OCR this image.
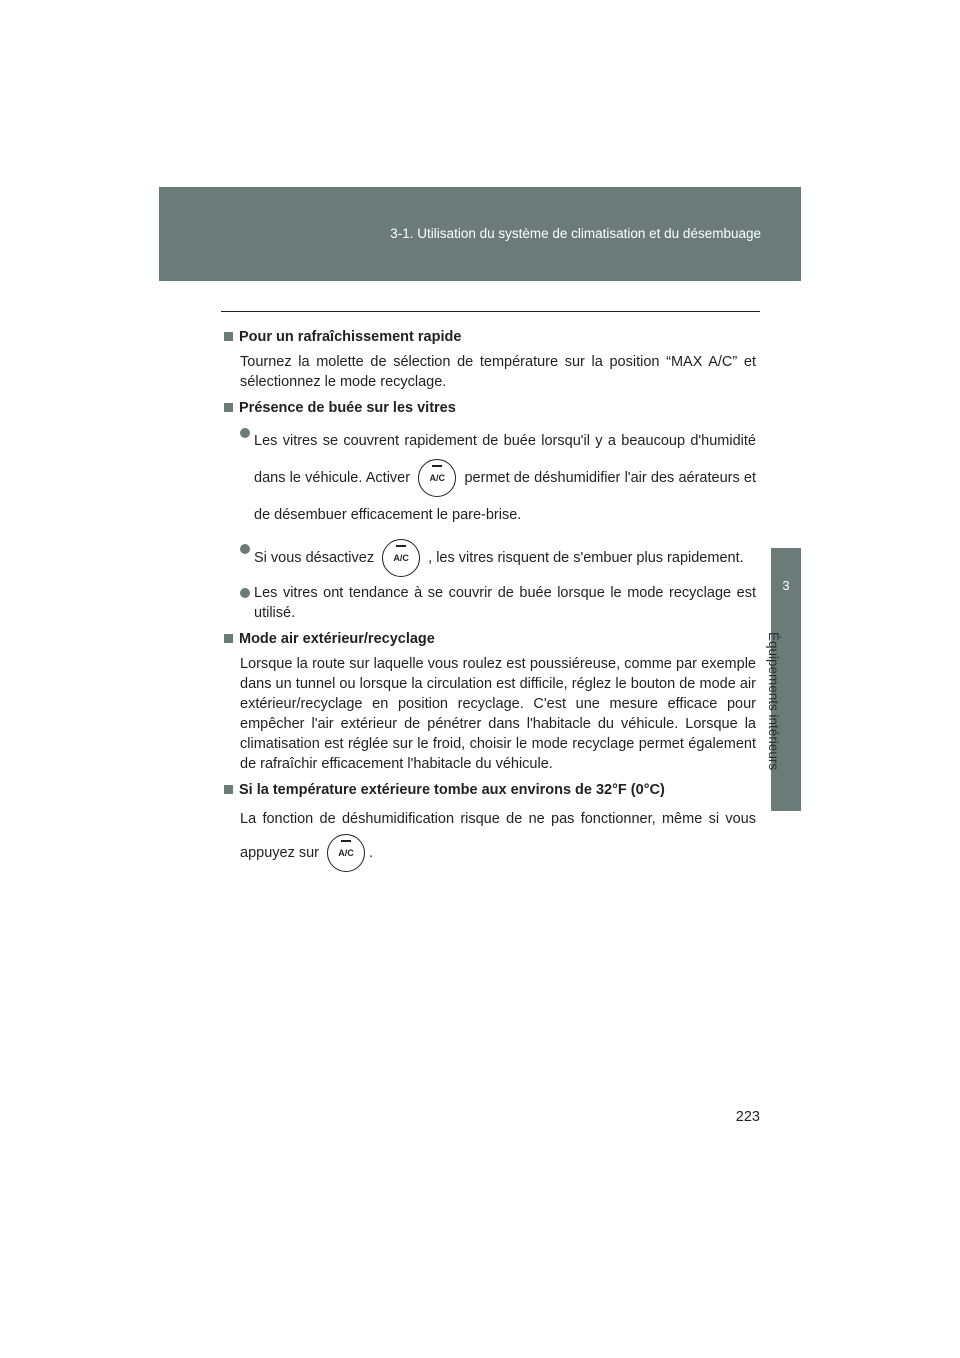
3-1. Utilisation du système de climatisation et du désembuage
3
Équipements intérieurs
Pour un rafraîchissement rapide
Tournez la molette de sélection de température sur la position “MAX A/C” et sélectionnez le mode recyclage.
Présence de buée sur les vitres
Les vitres se couvrent rapidement de buée lorsqu'il y a beaucoup d'humidité dans le véhicule. Activer	A/C	permet de déshumidifier l'air des aérateurs et de désembuer efficacement le pare-brise.
Si vous désactivez	A/C	, les vitres risquent de s'embuer plus rapidement.
Les vitres ont tendance à se couvrir de buée lorsque le mode recyclage est utilisé.
Mode air extérieur/recyclage
Lorsque la route sur laquelle vous roulez est poussiéreuse, comme par exemple dans un tunnel ou lorsque la circulation est difficile, réglez le bouton de mode air extérieur/recyclage en position recyclage. C'est une mesure efficace pour empêcher l'air extérieur de pénétrer dans l'habitacle du véhicule. Lorsque la climatisation est réglée sur le froid, choisir le mode recyclage permet également de rafraîchir efficacement l'habitacle du véhicule.
Si la température extérieure tombe aux environs de 32°F (0°C)
La fonction de déshumidification risque de ne pas fonctionner, même si vous appuyez sur	A/C	.
223
